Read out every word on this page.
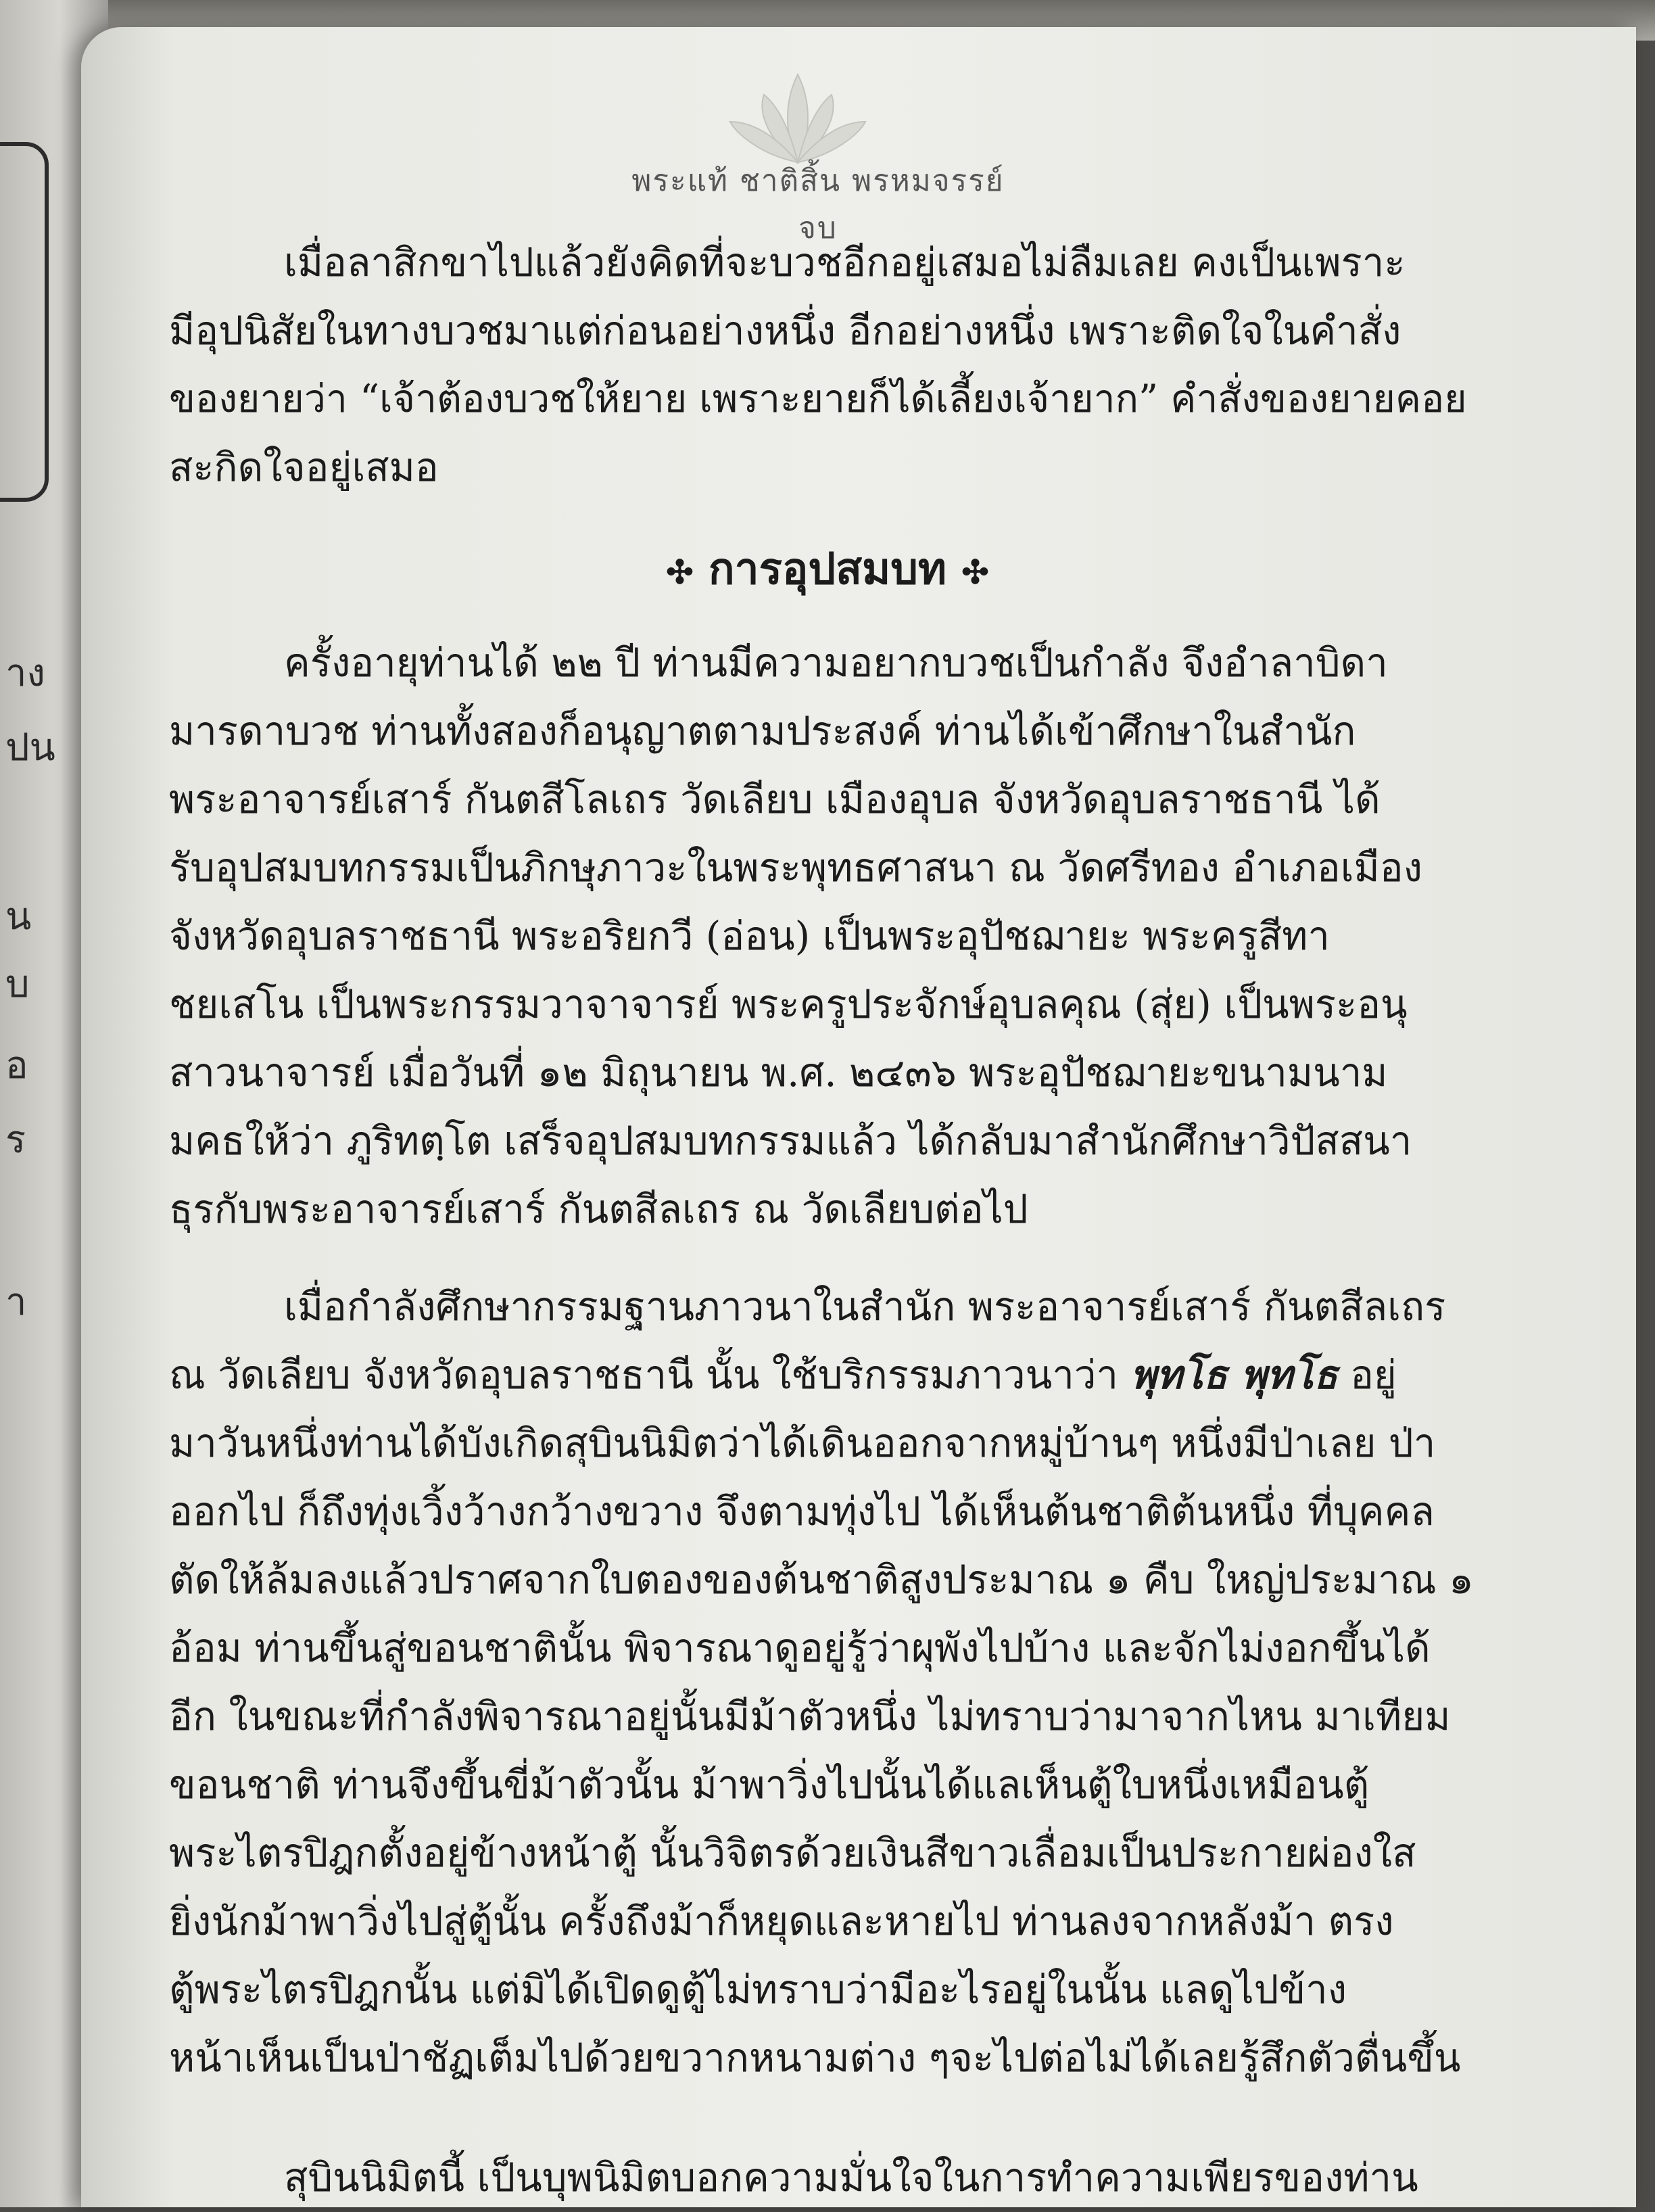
าง
ปน
น
บ
อ
ร
า
พระแท้ ชาติสิ้น พรหมจรรย์จบ
เมื่อลาสิกขาไปแล้วยังคิดที่จะบวชอีกอยู่เสมอไม่ลืมเลย คงเป็นเพราะ
มีอุปนิสัยในทางบวชมาแต่ก่อนอย่างหนึ่ง อีกอย่างหนึ่ง เพราะติดใจในคำสั่ง
ของยายว่า “เจ้าต้องบวชให้ยาย เพราะยายก็ได้เลี้ยงเจ้ายาก” คำสั่งของยายคอย
สะกิดใจอยู่เสมอ
✣ การอุปสมบท ✣
ครั้งอายุท่านได้ ๒๒ ปี ท่านมีความอยากบวชเป็นกำลัง จึงอำลาบิดา
มารดาบวช ท่านทั้งสองก็อนุญาตตามประสงค์ ท่านได้เข้าศึกษาในสำนัก
พระอาจารย์เสาร์ กันตสีโลเถร วัดเลียบ เมืองอุบล จังหวัดอุบลราชธานี ได้
รับอุปสมบทกรรมเป็นภิกษุภาวะในพระพุทธศาสนา ณ วัดศรีทอง อำเภอเมือง
จังหวัดอุบลราชธานี พระอริยกวี (อ่อน) เป็นพระอุปัชฌายะ พระครูสีทา
ชยเสโน เป็นพระกรรมวาจาจารย์ พระครูประจักษ์อุบลคุณ (สุ่ย) เป็นพระอนุ
สาวนาจารย์ เมื่อวันที่ ๑๒ มิถุนายน พ.ศ. ๒๔๓๖ พระอุปัชฌายะขนามนาม
มคธให้ว่า ภูริทตฺโต เสร็จอุปสมบทกรรมแล้ว ได้กลับมาสำนักศึกษาวิปัสสนา
ธุรกับพระอาจารย์เสาร์ กันตสีลเถร ณ วัดเลียบต่อไป
เมื่อกำลังศึกษากรรมฐานภาวนาในสำนัก พระอาจารย์เสาร์ กันตสีลเถร
ณ วัดเลียบ จังหวัดอุบลราชธานี นั้น ใช้บริกรรมภาวนาว่า พุทโธ พุทโธ อยู่
มาวันหนึ่งท่านได้บังเกิดสุบินนิมิตว่าได้เดินออกจากหมู่บ้านๆ หนึ่งมีป่าเลย ป่า
ออกไป ก็ถึงทุ่งเวิ้งว้างกว้างขวาง จึงตามทุ่งไป ได้เห็นต้นชาติต้นหนึ่ง ที่บุคคล
ตัดให้ล้มลงแล้วปราศจากใบตองของต้นชาติสูงประมาณ ๑ คืบ ใหญ่ประมาณ ๑
อ้อม ท่านขึ้นสู่ขอนชาตินั้น พิจารณาดูอยู่รู้ว่าผุพังไปบ้าง และจักไม่งอกขึ้นได้
อีก ในขณะที่กำลังพิจารณาอยู่นั้นมีม้าตัวหนึ่ง ไม่ทราบว่ามาจากไหน มาเทียม
ขอนชาติ ท่านจึงขึ้นขี่ม้าตัวนั้น ม้าพาวิ่งไปนั้นได้แลเห็นตู้ใบหนึ่งเหมือนตู้
พระไตรปิฎกตั้งอยู่ข้างหน้าตู้ นั้นวิจิตรด้วยเงินสีขาวเลื่อมเป็นประกายผ่องใส
ยิ่งนักม้าพาวิ่งไปสู่ตู้นั้น ครั้งถึงม้าก็หยุดและหายไป ท่านลงจากหลังม้า ตรง
ตู้พระไตรปิฎกนั้น แต่มิได้เปิดดูตู้ไม่ทราบว่ามีอะไรอยู่ในนั้น แลดูไปข้าง
หน้าเห็นเป็นป่าชัฏเต็มไปด้วยขวากหนามต่าง ๆจะไปต่อไม่ได้เลยรู้สึกตัวตื่นขึ้น
สุบินนิมิตนี้ เป็นบุพนิมิตบอกความมั่นใจในการทำความเพียรของท่าน
